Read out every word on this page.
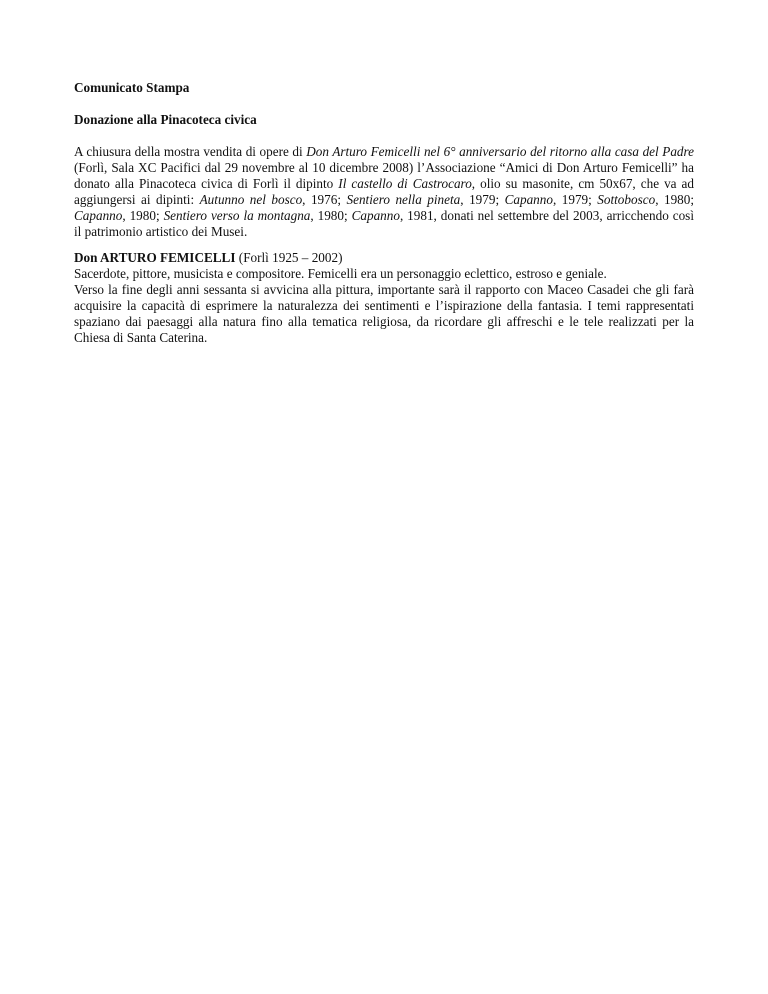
Comunicato Stampa

Donazione alla Pinacoteca civica

A chiusura della mostra vendita di opere di Don Arturo Femicelli nel 6° anniversario del ritorno alla casa del Padre (Forlì, Sala XC Pacifici dal 29 novembre al 10 dicembre 2008) l’Associazione “Amici di Don Arturo Femicelli” ha donato alla Pinacoteca civica di Forlì il dipinto Il castello di Castrocaro, olio su masonite, cm 50x67, che va ad aggiungersi ai dipinti: Autunno nel bosco, 1976; Sentiero nella pineta, 1979; Capanno, 1979; Sottobosco, 1980; Capanno, 1980; Sentiero verso la montagna, 1980; Capanno, 1981, donati nel settembre del 2003, arricchendo così il patrimonio artistico dei Musei.

Don ARTURO FEMICELLI (Forlì 1925 – 2002)
Sacerdote, pittore, musicista e compositore. Femicelli era un personaggio eclettico, estroso e geniale.
Verso la fine degli anni sessanta si avvicina alla pittura, importante sarà il rapporto con Maceo Casadei che gli farà acquisire la capacità di esprimere la naturalezza dei sentimenti e l’ispirazione della fantasia. I temi rappresentati spaziano dai paesaggi alla natura fino alla tematica religiosa, da ricordare gli affreschi e le tele realizzati per la Chiesa di Santa Caterina.
